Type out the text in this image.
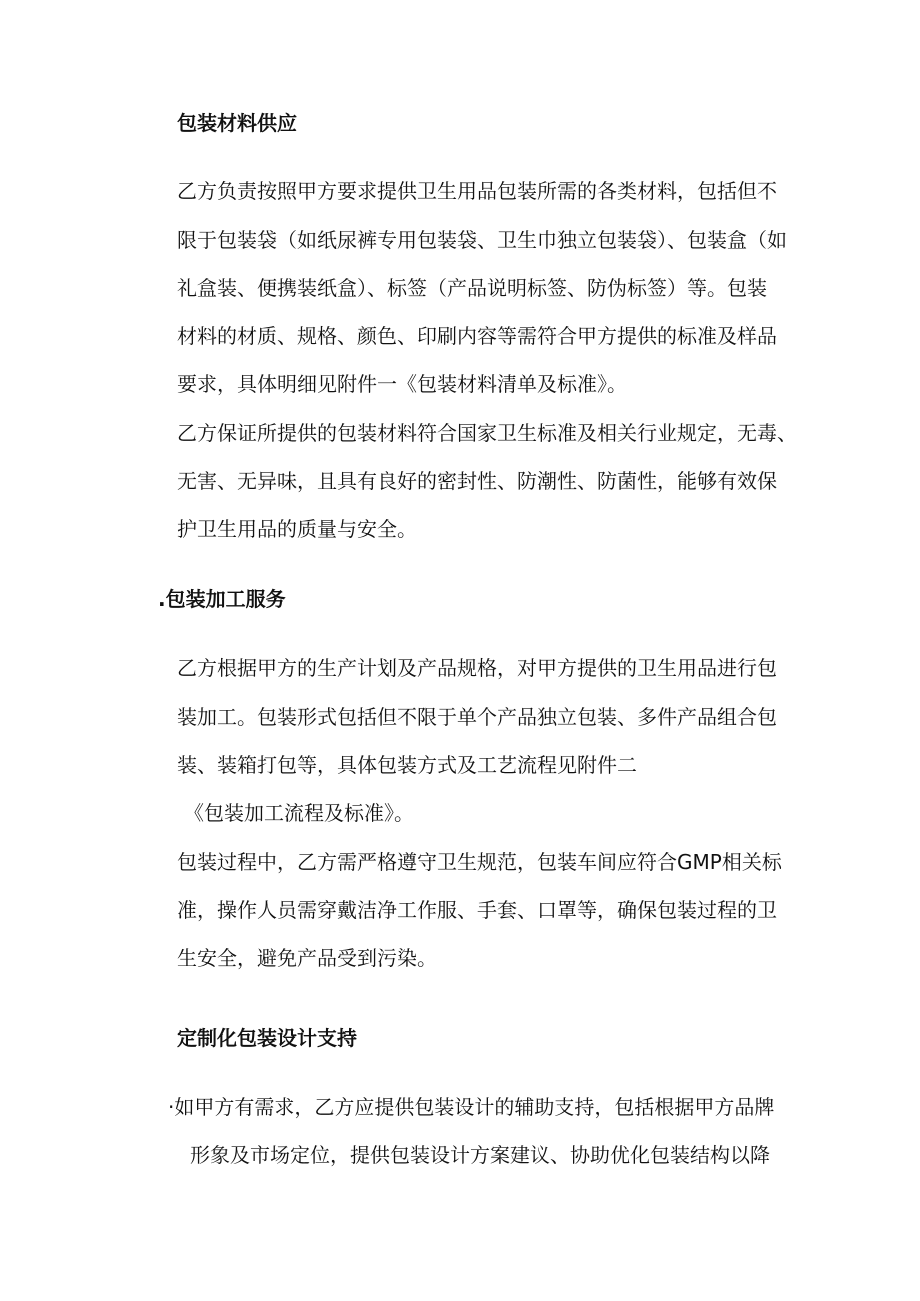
包装材料供应
乙方负责按照甲方要求提供卫生用品包装所需的各类材料，包括但不
限于包装袋（如纸尿裤专用包装袋、卫生巾独立包装袋）、包装盒（如
礼盒装、便携装纸盒）、标签（产品说明标签、防伪标签）等。包装
材料的材质、规格、颜色、印刷内容等需符合甲方提供的标准及样品
要求，具体明细见附件一《包装材料清单及标准》。
乙方保证所提供的包装材料符合国家卫生标准及相关行业规定，无毒、
无害、无异味，且具有良好的密封性、防潮性、防菌性，能够有效保
护卫生用品的质量与安全。
.包装加工服务
乙方根据甲方的生产计划及产品规格，对甲方提供的卫生用品进行包
装加工。包装形式包括但不限于单个产品独立包装、多件产品组合包
装、装箱打包等，具体包装方式及工艺流程见附件二
《包装加工流程及标准》。
包装过程中，乙方需严格遵守卫生规范，包装车间应符合GMP相关标
准，操作人员需穿戴洁净工作服、手套、口罩等，确保包装过程的卫
生安全，避免产品受到污染。
定制化包装设计支持
·如甲方有需求，乙方应提供包装设计的辅助支持，包括根据甲方品牌
形象及市场定位，提供包装设计方案建议、协助优化包装结构以降
